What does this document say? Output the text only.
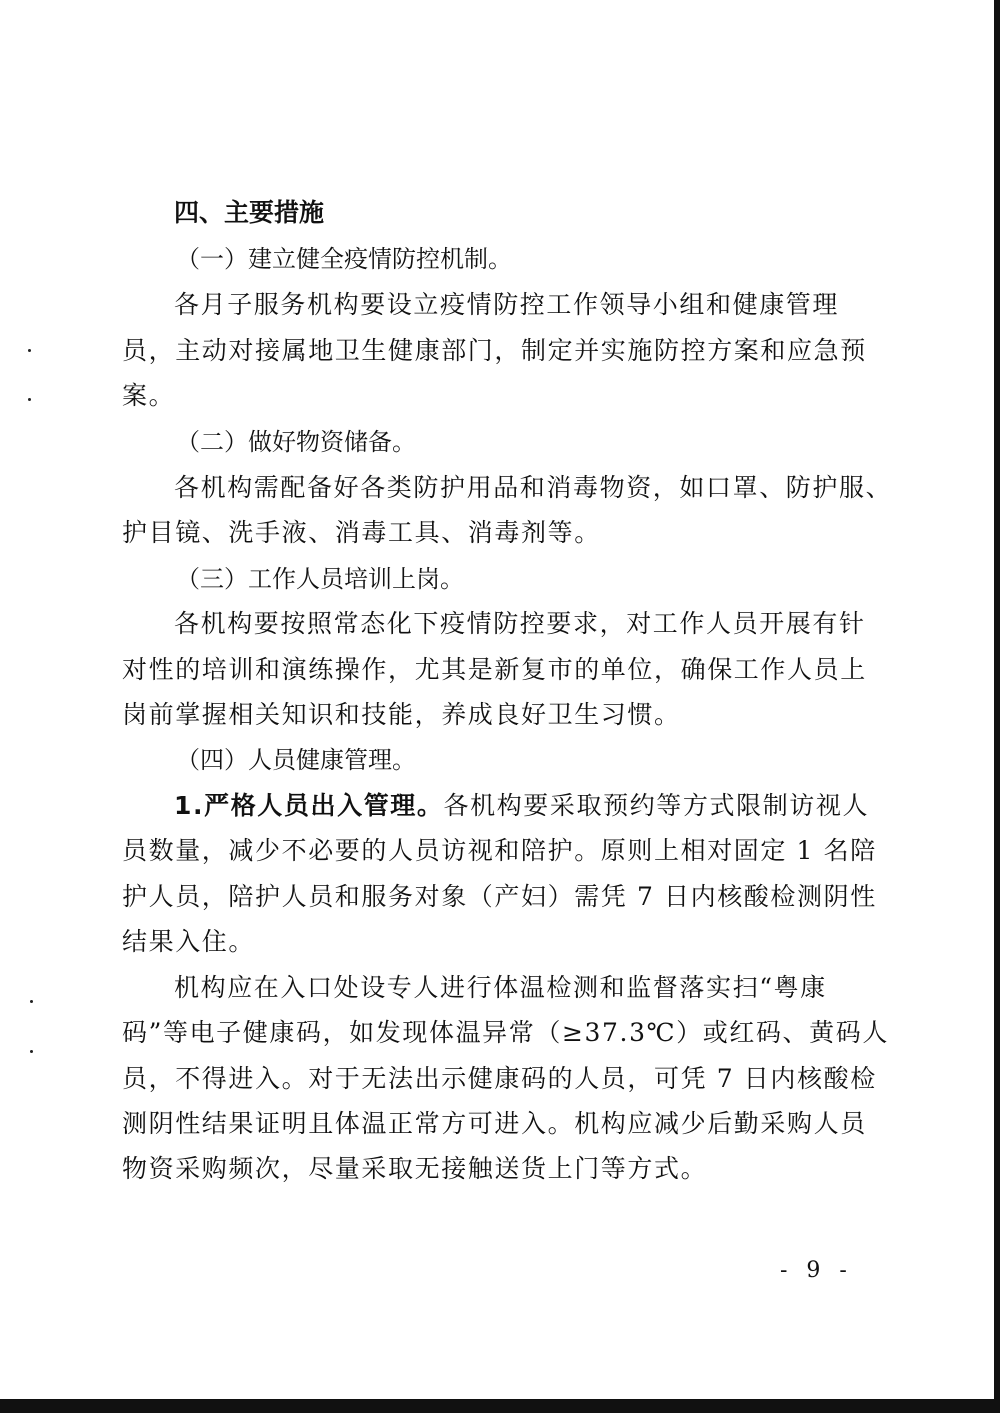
四、主要措施
（一）建立健全疫情防控机制。
各月子服务机构要设立疫情防控工作领导小组和健康管理
员，主动对接属地卫生健康部门，制定并实施防控方案和应急预
案。
（二）做好物资储备。
各机构需配备好各类防护用品和消毒物资，如口罩、防护服、
护目镜、洗手液、消毒工具、消毒剂等。
（三）工作人员培训上岗。
各机构要按照常态化下疫情防控要求，对工作人员开展有针
对性的培训和演练操作，尤其是新复市的单位，确保工作人员上
岗前掌握相关知识和技能，养成良好卫生习惯。
（四）人员健康管理。
1.严格人员出入管理。各机构要采取预约等方式限制访视人
员数量，减少不必要的人员访视和陪护。原则上相对固定 1 名陪
护人员，陪护人员和服务对象（产妇）需凭 7 日内核酸检测阴性
结果入住。
机构应在入口处设专人进行体温检测和监督落实扫“粤康
码”等电子健康码，如发现体温异常（≥37.3℃）或红码、黄码人
员，不得进入。对于无法出示健康码的人员，可凭 7 日内核酸检
测阴性结果证明且体温正常方可进入。机构应减少后勤采购人员
物资采购频次，尽量采取无接触送货上门等方式。
- 9 -
